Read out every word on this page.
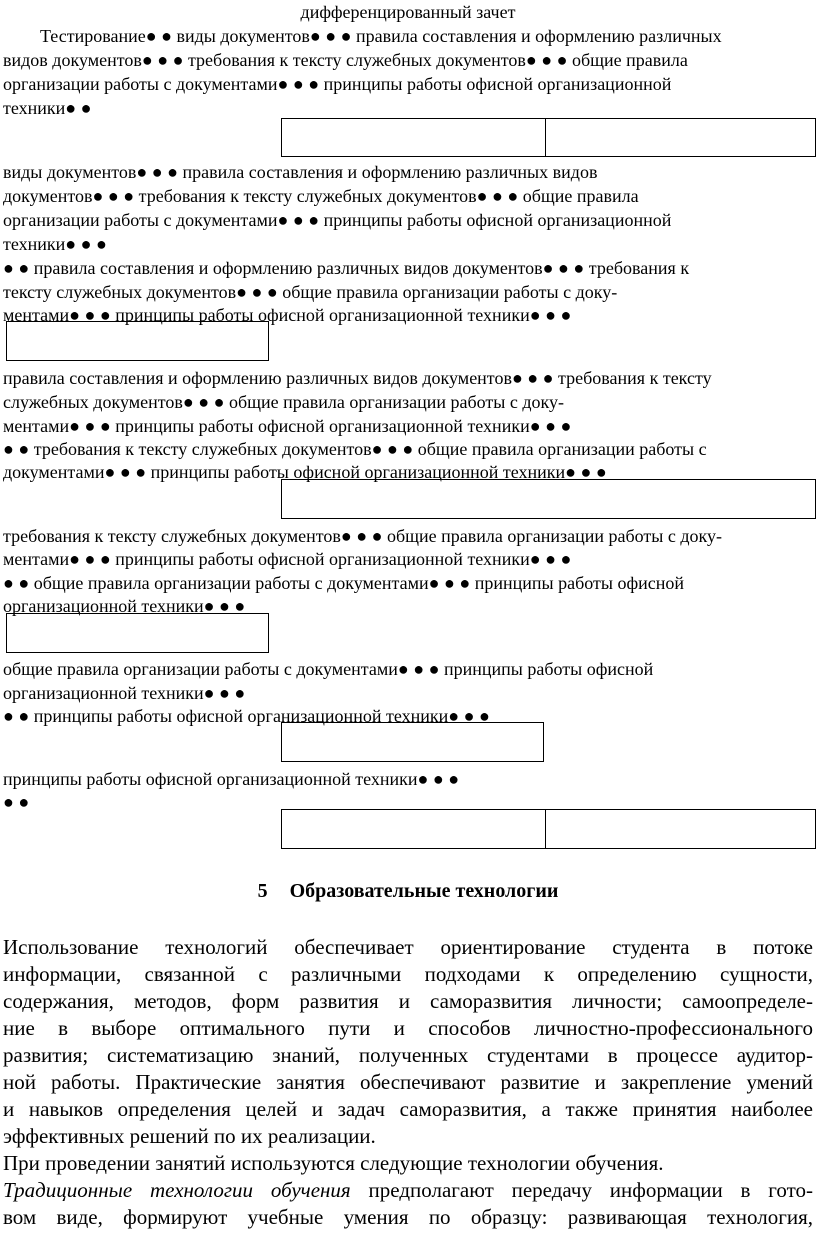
дифференцированный зачет
Тестирование● ● виды документов● ● ● правила составления и оформлению различных
видов документов● ● ● требования к тексту служебных документов● ● ● общие правила
организации работы с документами● ● ● принципы работы офисной организационной
техники● ●
виды документов● ● ● правила составления и оформлению различных видов
документов● ● ● требования к тексту служебных документов● ● ● общие правила
организации работы с документами● ● ● принципы работы офисной организационной
техники● ● ●
● ● правила составления и оформлению различных видов документов● ● ● требования к
тексту служебных документов● ● ● общие правила организации работы с доку-
ментами● ● ● принципы работы офисной организационной техники● ● ●
правила составления и оформлению различных видов документов● ● ● требования к тексту
служебных документов● ● ● общие правила организации работы с доку-
ментами● ● ● принципы работы офисной организационной техники● ● ●
● ● требования к тексту служебных документов● ● ● общие правила организации работы с
документами● ● ● принципы работы офисной организационной техники● ● ●
требования к тексту служебных документов● ● ● общие правила организации работы с доку-
ментами● ● ● принципы работы офисной организационной техники● ● ●
● ● общие правила организации работы с документами● ● ● принципы работы офисной
организационной техники● ● ●
общие правила организации работы с документами● ● ● принципы работы офисной
организационной техники● ● ●
● ● принципы работы офисной организационной техники● ● ●
принципы работы офисной организационной техники● ● ●
● ●
5 Образовательные технологии

Использование технологий обеспечивает ориентирование студента в потоке

информации, связанной с различными подходами к определению сущности,

содержания, методов, форм развития и саморазвития личности; самоопределе-

ние в выборе оптимального пути и способов личностно-профессионального

развития; систематизацию знаний, полученных студентами в процессе аудитор-

ной работы. Практические занятия обеспечивают развитие и закрепление умений

и навыков определения целей и задач саморазвития, а также принятия наиболее

эффективных решений по их реализации.

При проведении занятий используются следующие технологии обучения.

Традиционные технологии обучения предполагают передачу информации в гото-

вом виде, формируют учебные умения по образцу: развивающая технология,
